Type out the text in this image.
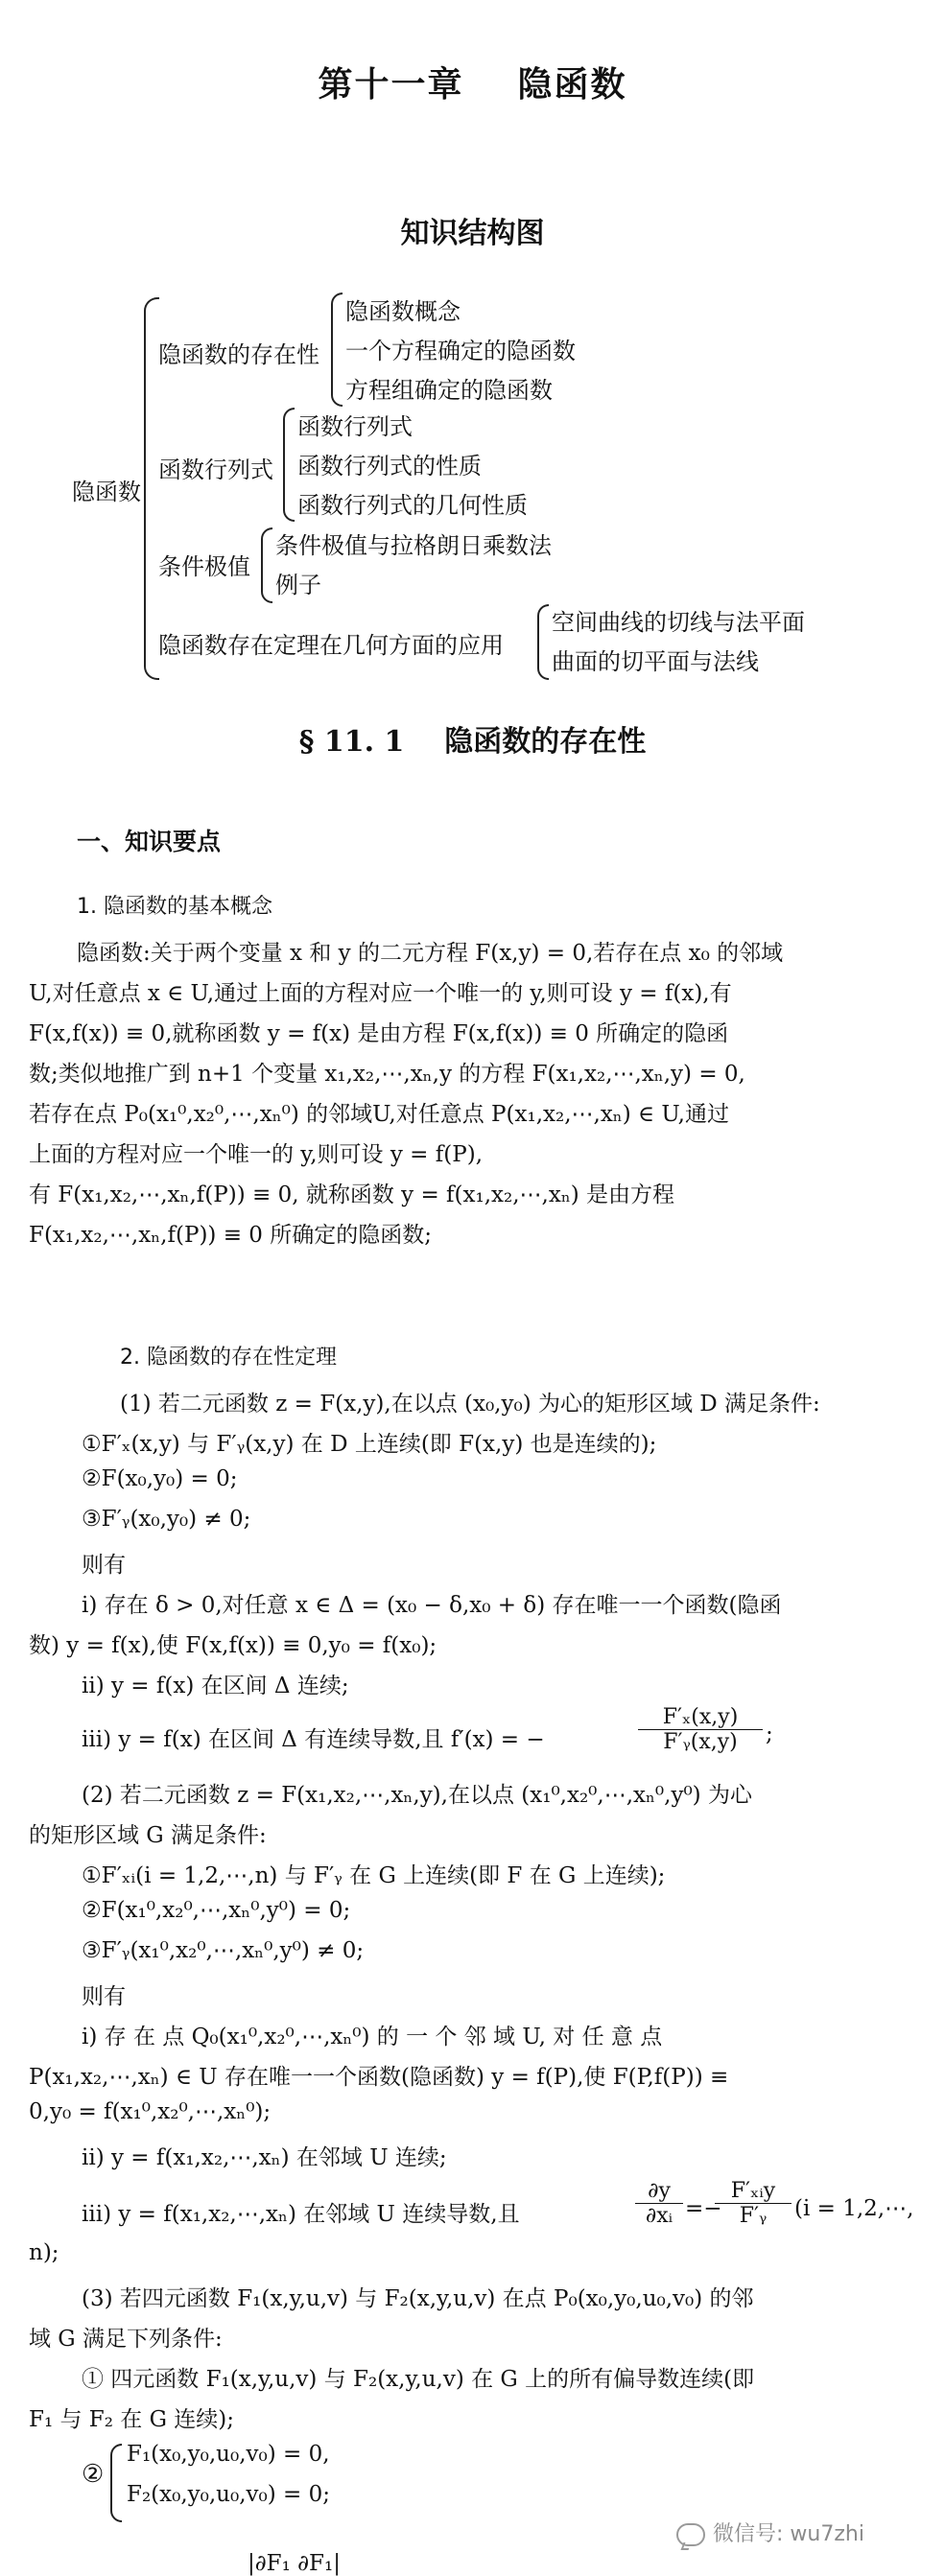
第十一章 隐函数
知识结构图
隐函数
隐函数的存在性
隐函数概念
一个方程确定的隐函数
方程组确定的隐函数
函数行列式
函数行列式
函数行列式的性质
函数行列式的几何性质
条件极值
条件极值与拉格朗日乘数法
例子
隐函数存在定理在几何方面的应用
空间曲线的切线与法平面
曲面的切平面与法线
§ 11. 1 隐函数的存在性
一、知识要点
1. 隐函数的基本概念
隐函数:关于两个变量 x 和 y 的二元方程 F(x,y) = 0,若存在点 x₀ 的邻域
U,对任意点 x ∈ U,通过上面的方程对应一个唯一的 y,则可设 y = f(x),有
F(x,f(x)) ≡ 0,就称函数 y = f(x) 是由方程 F(x,f(x)) ≡ 0 所确定的隐函
数;类似地推广到 n+1 个变量 x₁,x₂,⋯,xₙ,y 的方程 F(x₁,x₂,⋯,xₙ,y) = 0,
若存在点 P₀(x₁⁰,x₂⁰,⋯,xₙ⁰) 的邻域U,对任意点 P(x₁,x₂,⋯,xₙ) ∈ U,通过
上面的方程对应一个唯一的 y,则可设 y = f(P),
有 F(x₁,x₂,⋯,xₙ,f(P)) ≡ 0, 就称函数 y = f(x₁,x₂,⋯,xₙ) 是由方程
F(x₁,x₂,⋯,xₙ,f(P)) ≡ 0 所确定的隐函数;
2. 隐函数的存在性定理
(1) 若二元函数 z = F(x,y),在以点 (x₀,y₀) 为心的矩形区域 D 满足条件:
①F′ₓ(x,y) 与 F′ᵧ(x,y) 在 D 上连续(即 F(x,y) 也是连续的);
②F(x₀,y₀) = 0;
③F′ᵧ(x₀,y₀) ≠ 0;
则有
i) 存在 δ > 0,对任意 x ∈ Δ = (x₀ − δ,x₀ + δ) 存在唯一一个函数(隐函
数) y = f(x),使 F(x,f(x)) ≡ 0,y₀ = f(x₀);
ii) y = f(x) 在区间 Δ 连续;
iii) y = f(x) 在区间 Δ 有连续导数,且 f′(x) = −	$\frac{\text{F′ₓ(x,y)}}{\text{F′ᵧ(x,y)}}$ ;
(2) 若二元函数 z = F(x₁,x₂,⋯,xₙ,y),在以点 (x₁⁰,x₂⁰,⋯,xₙ⁰,y⁰) 为心
的矩形区域 G 满足条件:
①F′ₓᵢ(i = 1,2,⋯,n) 与 F′ᵧ 在 G 上连续(即 F 在 G 上连续);
②F(x₁⁰,x₂⁰,⋯,xₙ⁰,y⁰) = 0;
③F′ᵧ(x₁⁰,x₂⁰,⋯,xₙ⁰,y⁰) ≠ 0;
则有
i) 存 在 点 Q₀(x₁⁰,x₂⁰,⋯,xₙ⁰) 的 一 个 邻 域 U, 对 任 意 点
P(x₁,x₂,⋯,xₙ) ∈ U 存在唯一一个函数(隐函数) y = f(P),使 F(P,f(P)) ≡
0,y₀ = f(x₁⁰,x₂⁰,⋯,xₙ⁰);
ii) y = f(x₁,x₂,⋯,xₙ) 在邻域 U 连续;
iii) y = f(x₁,x₂,⋯,xₙ) 在邻域 U 连续导数,且	$\frac{\partial y}{\text{∂xᵢ}}$ =−
F′ₓᵢy
F′ᵧ	(i = 1,2,⋯,
n);
(3) 若四元函数 F₁(x,y,u,v) 与 F₂(x,y,u,v) 在点 P₀(x₀,y₀,u₀,v₀) 的邻
域 G 满足下列条件:
① 四元函数 F₁(x,y,u,v) 与 F₂(x,y,u,v) 在 G 上的所有偏导数连续(即
F₁ 与 F₂ 在 G 连续);
②
F₁(x₀,y₀,u₀,v₀) = 0,
F₂(x₀,y₀,u₀,v₀) = 0;
|∂F₁ ∂F₁|
微信号: wu7zhi
